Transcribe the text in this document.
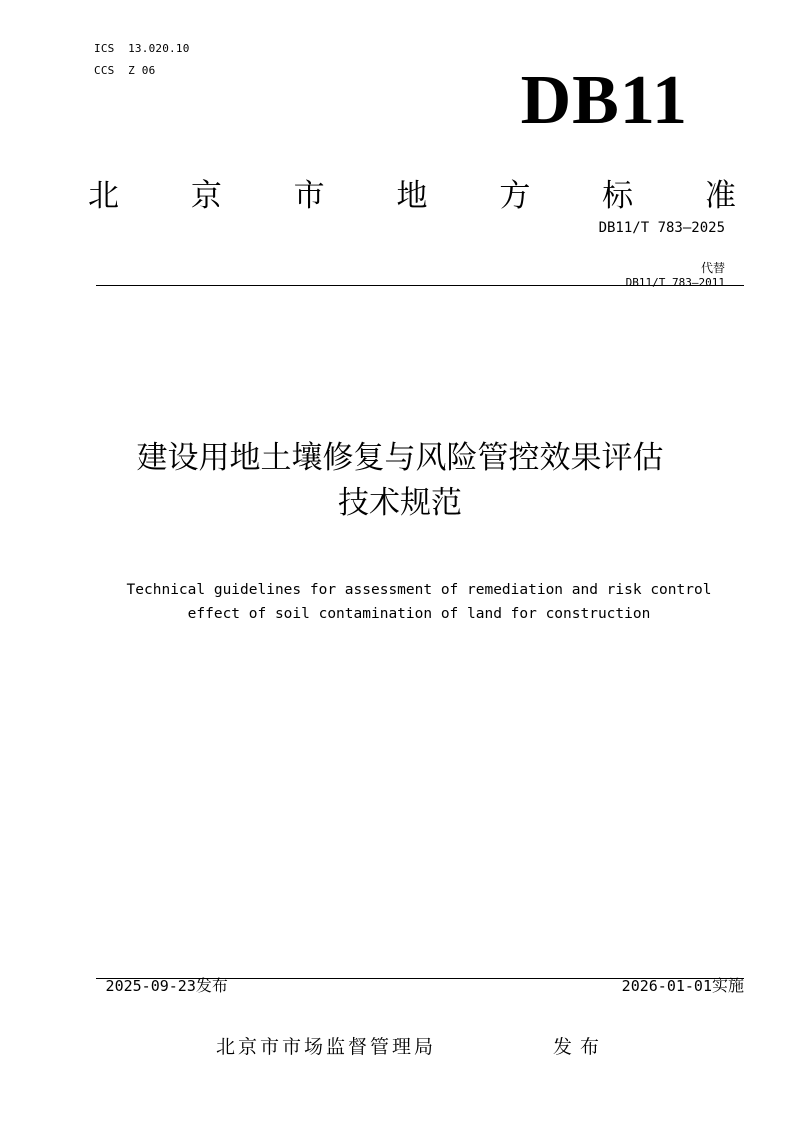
ICS  13.020.10
CCS  Z 06	DB11
北 京 市 地 方 标 准
DB11/T 783—2025

代替
DB11/T 783—2011

建设用地土壤修复与风险管控效果评估
技术规范
Technical guidelines for assessment of remediation and risk control
effect of soil contamination of land for construction

2025-09-23发布	2026-01-01实施

北京市市场监督管理局	发布
